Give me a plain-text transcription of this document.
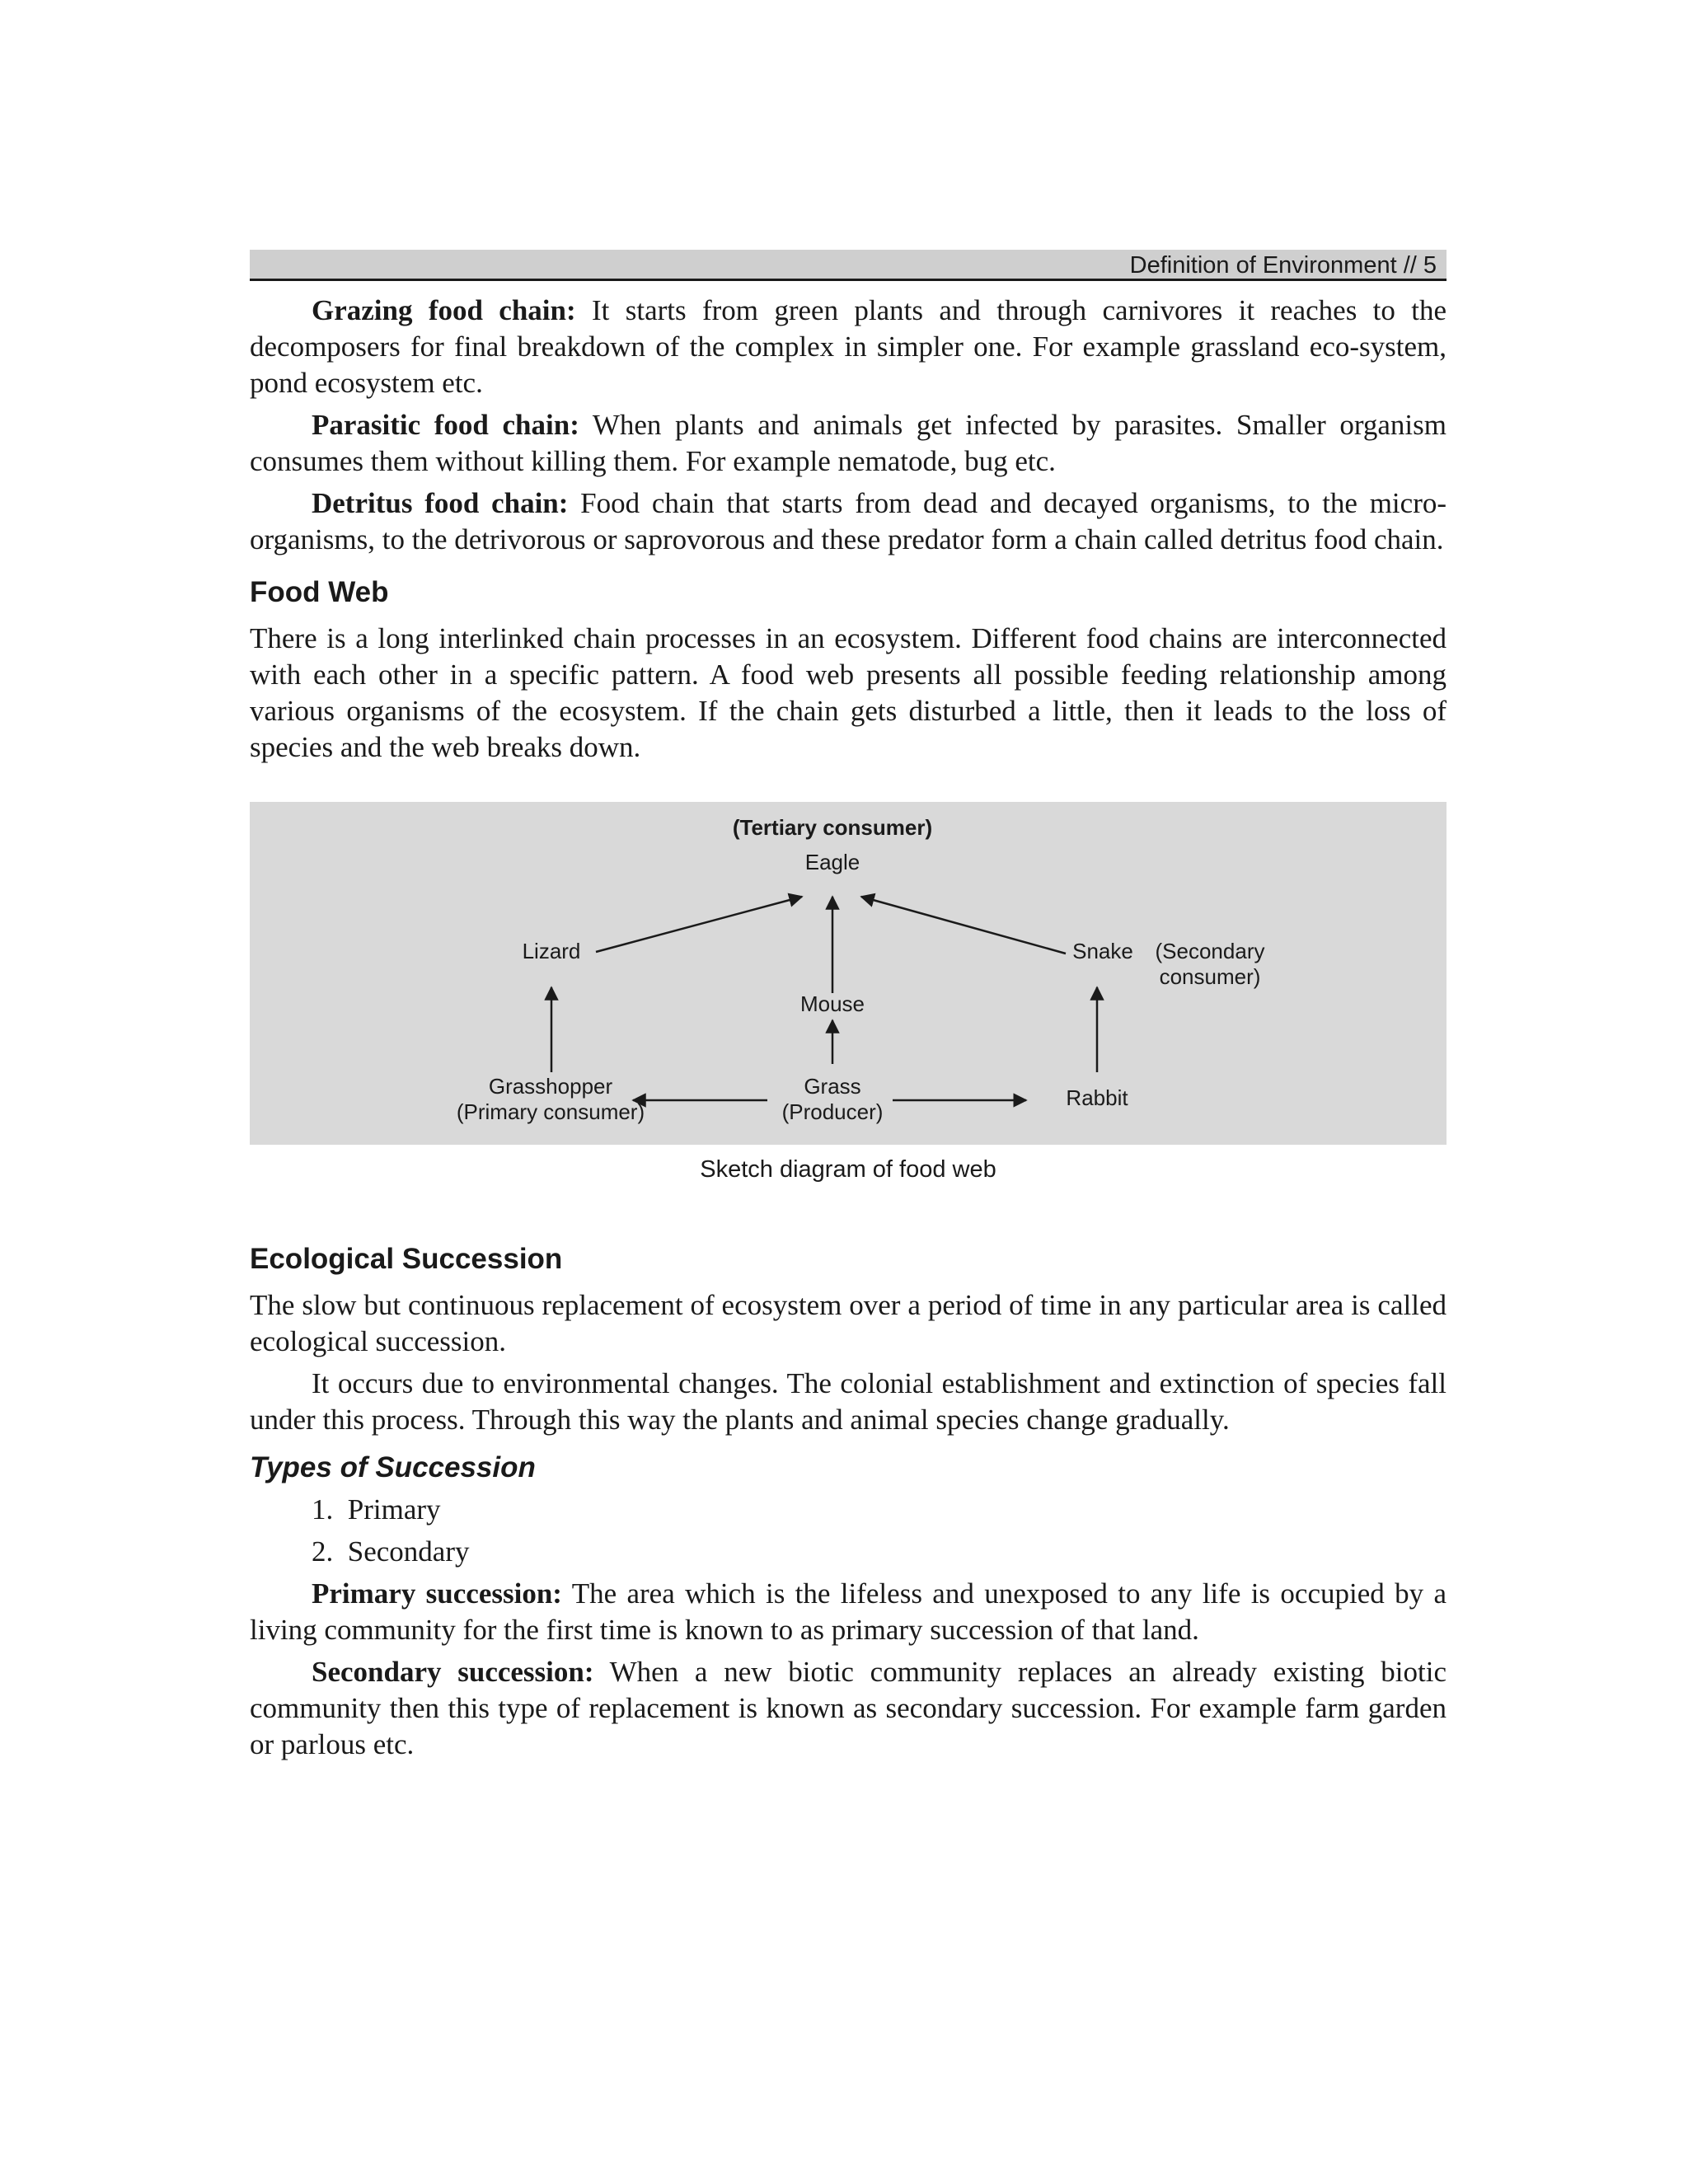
Definition of Environment // 5

Grazing food chain: It starts from green plants and through carnivores it reaches to the decomposers for final breakdown of the complex in simpler one. For example grassland eco-system, pond ecosystem etc.

Parasitic food chain: When plants and animals get infected by parasites. Smaller organism consumes them without killing them. For example nematode, bug etc.

Detritus food chain: Food chain that starts from dead and decayed organisms, to the micro-organisms, to the detrivorous or saprovorous and these predator form a chain called detritus food chain.

Food Web

There is a long interlinked chain processes in an ecosystem. Different food chains are interconnected with each other in a specific pattern. A food web presents all possible feeding relationship among various organisms of the ecosystem. If the chain gets disturbed a little, then it leads to the loss of species and the web breaks down.

(Tertiary consumer)
Eagle
Lizard	Snake	(Secondary
consumer)
Mouse
Grasshopper
(Primary consumer)
Grass
(Producer)
Rabbit
Sketch diagram of food web
Ecological Succession

The slow but continuous replacement of ecosystem over a period of time in any particular area is called ecological succession.

It occurs due to environmental changes. The colonial establishment and extinction of species fall under this process. Through this way the plants and animal species change gradually.

Types of Succession
1.  Primary
2.  Secondary

Primary succession: The area which is the lifeless and unexposed to any life is occupied by a living community for the first time is known to as primary succession of that land.

Secondary succession: When a new biotic community replaces an already existing biotic community then this type of replacement is known as secondary succession. For example farm garden or parlous etc.
